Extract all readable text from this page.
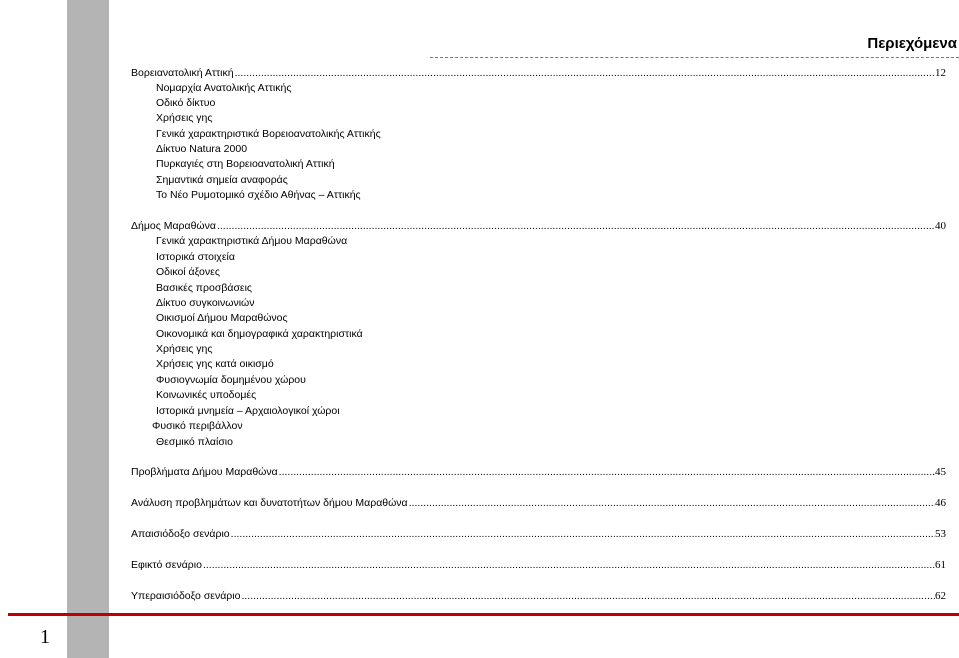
Περιεχόμενα
Βορειανατολική Αττική .....	12
Νομαρχία Ανατολικής Αττικής
Οδικό δίκτυο
Χρήσεις γης
Γενικά χαρακτηριστικά Βορειοανατολικής Αττικής
Δίκτυο Natura 2000
Πυρκαγιές στη Βορειοανατολική Αττική
Σημαντικά σημεία αναφοράς
Το Νέο Ρυμοτομικό σχέδιο Αθήνας – Αττικής
Δήμος Μαραθώνα .....	40
Γενικά χαρακτηριστικά Δήμου Μαραθώνα
Ιστορικά στοιχεία
Οδικοί άξονες
Βασικές προσβάσεις
Δίκτυο συγκοινωνιών
Οικισμοί Δήμου Μαραθώνος
Οικονομικά και δημογραφικά χαρακτηριστικά
Χρήσεις γης
Χρήσεις γης κατά οικισμό
Φυσιογνωμία δομημένου χώρου
Κοινωνικές υποδομές
Ιστορικά μνημεία – Αρχαιολογικοί χώροι
Φυσικό περιβάλλον
Θεσμικό πλαίσιο
Προβλήματα Δήμου Μαραθώνα .....	.45
Ανάλυση προβλημάτων και δυνατοτήτων δήμου Μαραθώνα .....	46
Απαισιόδοξο σενάριο .....	53
Εφικτό σενάριο .....	61
Υπεραισιόδοξο σενάριο .....	62
1
